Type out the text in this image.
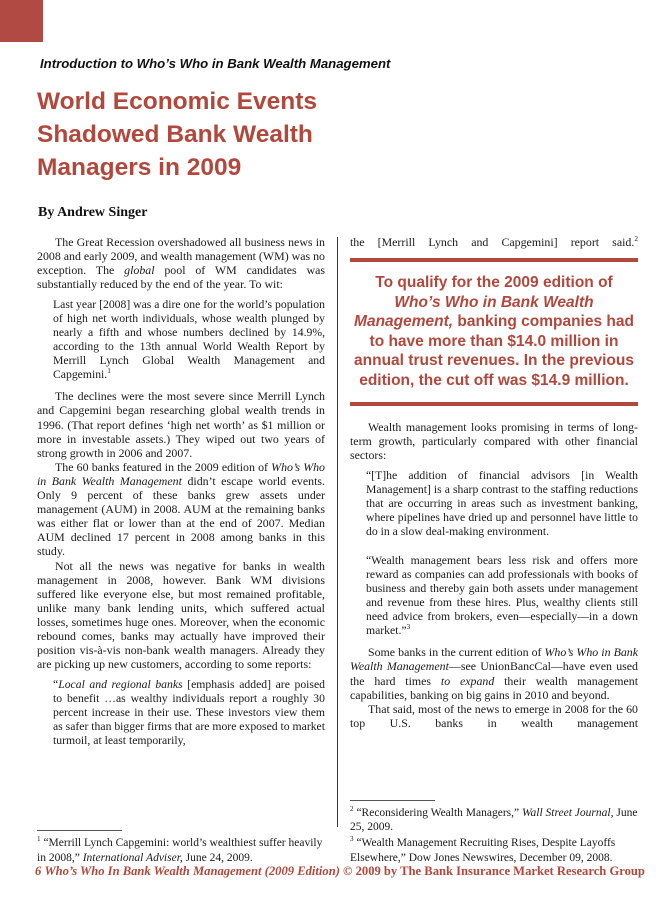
Introduction to Who’s Who in Bank Wealth Management
World Economic Events
Shadowed Bank Wealth
Managers in 2009
By Andrew Singer

The Great Recession overshadowed all business news in 2008 and early 2009, and wealth management (WM) was no exception. The global pool of WM candidates was substantially reduced by the end of the year. To wit:

Last year [2008] was a dire one for the world’s population of high net worth individuals, whose wealth plunged by nearly a fifth and whose numbers declined by 14.9%, according to the 13th annual World Wealth Report by Merrill Lynch Global Wealth Management and Capgemini.$^1$

The declines were the most severe since Merrill Lynch and Capgemini began researching global wealth trends in 1996. (That report defines ‘high net worth’ as $1 million or more in investable assets.) They wiped out two years of strong growth in 2006 and 2007.

The 60 banks featured in the 2009 edition of Who’s Who in Bank Wealth Management didn’t escape world events. Only 9 percent of these banks grew assets under management (AUM) in 2008. AUM at the remaining banks was either flat or lower than at the end of 2007. Median AUM declined 17 percent in 2008 among banks in this study.

Not all the news was negative for banks in wealth management in 2008, however. Bank WM divisions suffered like everyone else, but most remained profitable, unlike many bank lending units, which suffered actual losses, sometimes huge ones. Moreover, when the economic rebound comes, banks may actually have improved their position vis-à-vis non-bank wealth managers. Already they are picking up new customers, according to some reports:

“Local and regional banks [emphasis added] are poised to benefit …as wealthy individuals report a roughly 30 percent increase in their use. These investors view them as safer than bigger firms that are more exposed to market turmoil, at least temporarily,

$^1$ “Merrill Lynch Capgemini: world’s wealthiest suffer heavily in 2008,” International Adviser, June 24, 2009.

the [Merrill Lynch and Capgemini] report said.$^2$

To qualify for the 2009 edition of Who’s Who in Bank Wealth Management, banking companies had to have more than $14.0 million in annual trust revenues. In the previous edition, the cut off was $14.9 million.

Wealth management looks promising in terms of long-term growth, particularly compared with other financial sectors:

“[T]he addition of financial advisors [in Wealth Management] is a sharp contrast to the staffing reductions that are occurring in areas such as investment banking, where pipelines have dried up and personnel have little to do in a slow deal-making environment.

“Wealth management bears less risk and offers more reward as companies can add professionals with books of business and thereby gain both assets under management and revenue from these hires. Plus, wealthy clients still need advice from brokers, even—especially—in a down market.”$^3$

Some banks in the current edition of Who’s Who in Bank Wealth Management—see UnionBancCal—have even used the hard times to expand their wealth management capabilities, banking on big gains in 2010 and beyond.

That said, most of the news to emerge in 2008 for the 60 top U.S. banks in wealth management

$^2$ “Reconsidering Wealth Managers,” Wall Street Journal, June 25, 2009.

$^3$ “Wealth Management Recruiting Rises, Despite Layoffs Elsewhere,” Dow Jones Newswires, December 09, 2008.

6 Who’s Who In Bank Wealth Management (2009 Edition) © 2009 by The Bank Insurance Market Research Group
